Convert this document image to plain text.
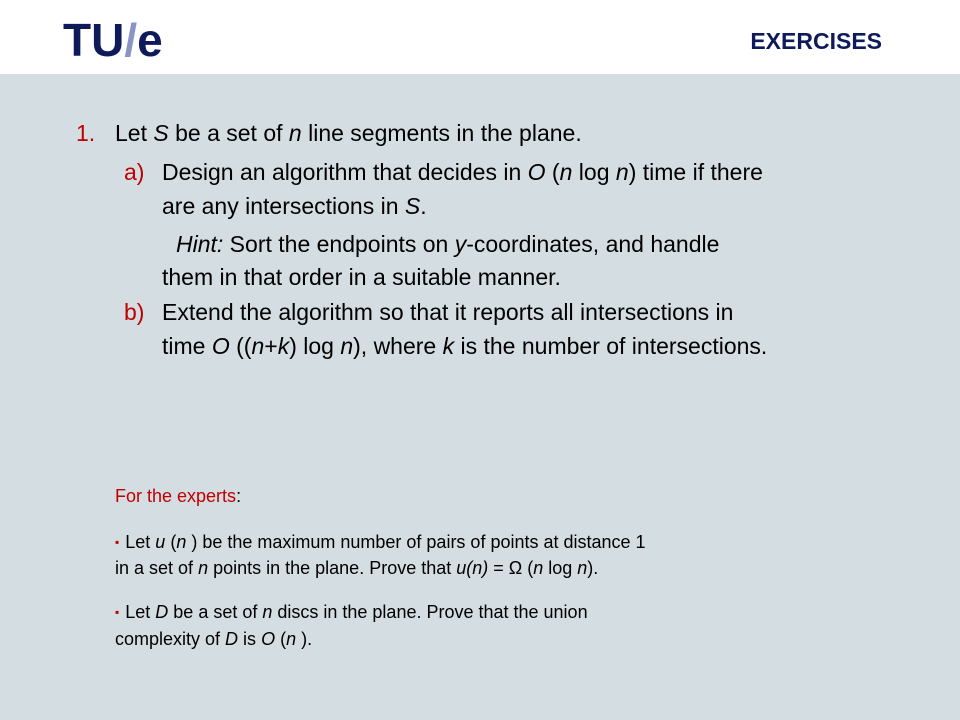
TU/e	EXERCISES
1. Let S be a set of n line segments in the plane.
a) Design an algorithm that decides in O (n log n) time if there
are any intersections in S.
Hint: Sort the endpoints on y-coordinates, and handle
them in that order in a suitable manner.
b) Extend the algorithm so that it reports all intersections in
time O ((n+k) log n), where k is the number of intersections.
For the experts:
▪ Let u (n ) be the maximum number of pairs of points at distance 1
in a set of n points in the plane. Prove that u(n) = Ω (n log n).
▪ Let D be a set of n discs in the plane. Prove that the union
complexity of D is O (n ).
